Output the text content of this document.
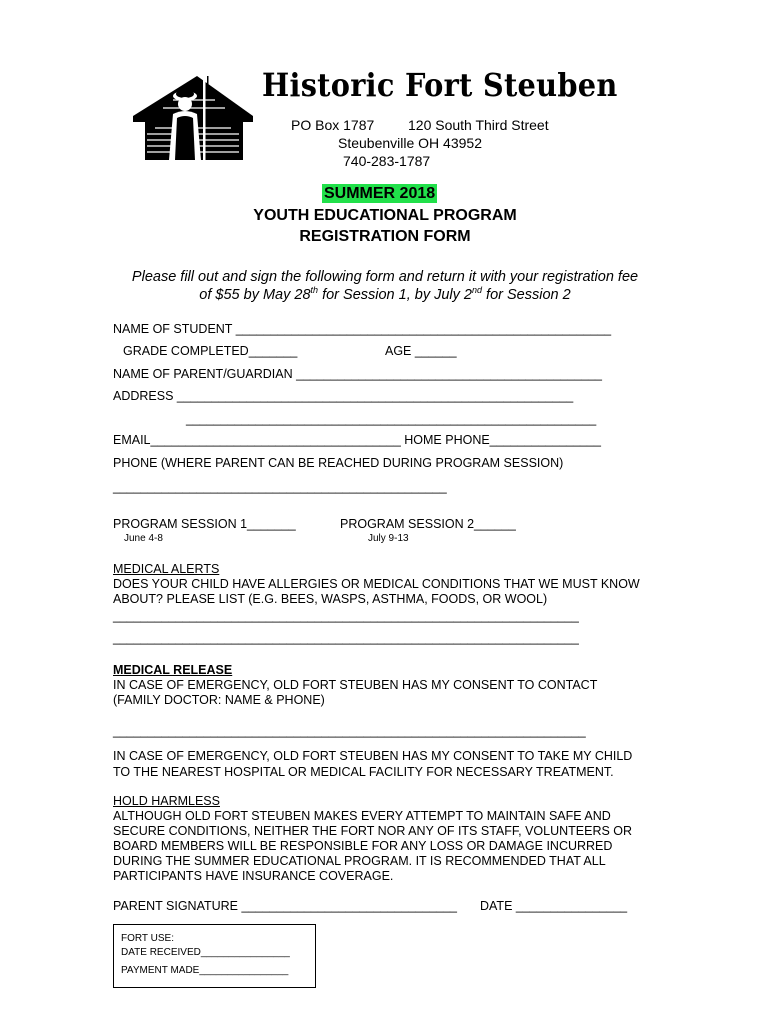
Historic Fort Steuben
PO Box 1787 120 South Third Street
Steubenville OH 43952
740-283-1787
SUMMER 2018
YOUTH EDUCATIONAL PROGRAM
REGISTRATION FORM
Please fill out and sign the following form and return it with your registration fee
of $55 by May 28th for Session 1, by July 2nd for Session 2
NAME OF STUDENT ______________________________________________________
GRADE COMPLETED_______	AGE ______
NAME OF PARENT/GUARDIAN ____________________________________________
ADDRESS _________________________________________________________
___________________________________________________________
EMAIL____________________________________ HOME PHONE________________
PHONE (WHERE PARENT CAN BE REACHED DURING PROGRAM SESSION)
________________________________________________
PROGRAM SESSION 1_______
June 4-8
PROGRAM SESSION 2______
July 9-13
MEDICAL ALERTS
DOES YOUR CHILD HAVE ALLERGIES OR MEDICAL CONDITIONS THAT WE MUST KNOW
ABOUT? PLEASE LIST (E.G. BEES, WASPS, ASTHMA, FOODS, OR WOOL)
___________________________________________________________________
___________________________________________________________________
MEDICAL RELEASE
IN CASE OF EMERGENCY, OLD FORT STEUBEN HAS MY CONSENT TO CONTACT
(FAMILY DOCTOR: NAME & PHONE)
____________________________________________________________________
IN CASE OF EMERGENCY, OLD FORT STEUBEN HAS MY CONSENT TO TAKE MY CHILD
TO THE NEAREST HOSPITAL OR MEDICAL FACILITY FOR NECESSARY TREATMENT.
HOLD HARMLESS
ALTHOUGH OLD FORT STEUBEN MAKES EVERY ATTEMPT TO MAINTAIN SAFE AND
SECURE CONDITIONS, NEITHER THE FORT NOR ANY OF ITS STAFF, VOLUNTEERS OR
BOARD MEMBERS WILL BE RESPONSIBLE FOR ANY LOSS OR DAMAGE INCURRED
DURING THE SUMMER EDUCATIONAL PROGRAM. IT IS RECOMMENDED THAT ALL
PARTICIPANTS HAVE INSURANCE COVERAGE.
PARENT SIGNATURE _______________________________ DATE ________________
FORT USE:
DATE RECEIVED________________
PAYMENT MADE________________
